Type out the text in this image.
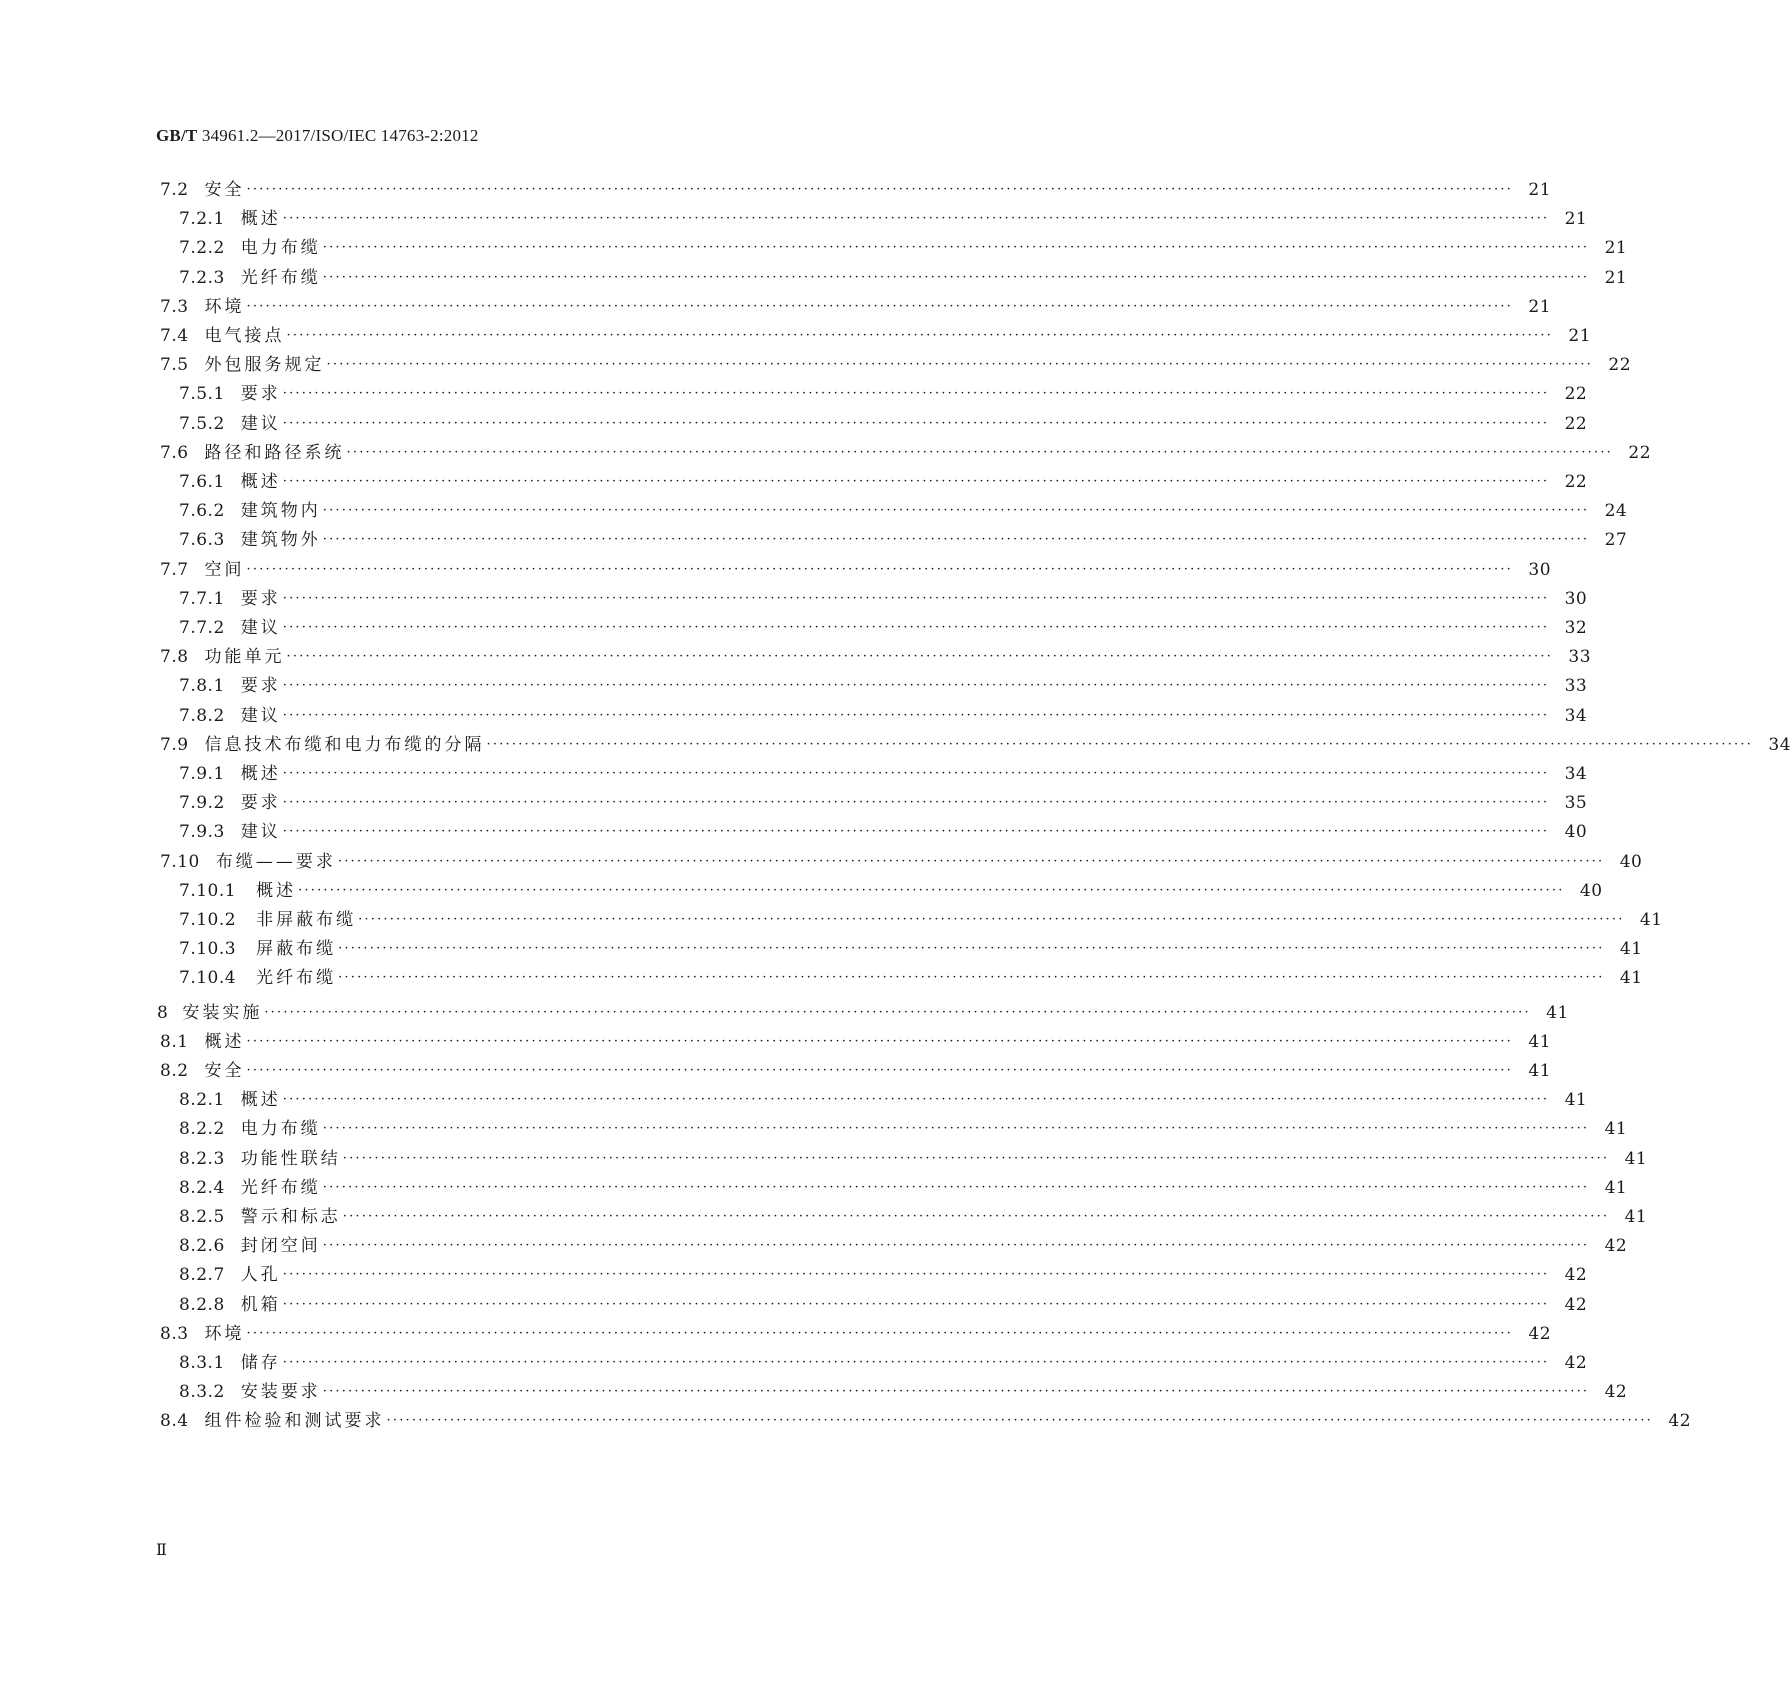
GB/T 34961.2—2017/ISO/IEC 14763-2:2012
7.2 安全 ········································································································································································································ 21
7.2.1 概述 ········································································································································································································ 21
7.2.2 电力布缆 ········································································································································································································ 21
7.2.3 光纤布缆 ········································································································································································································ 21
7.3 环境 ········································································································································································································ 21
7.4 电气接点 ········································································································································································································ 21
7.5 外包服务规定 ········································································································································································································ 22
7.5.1 要求 ········································································································································································································ 22
7.5.2 建议 ········································································································································································································ 22
7.6 路径和路径系统 ········································································································································································································ 22
7.6.1 概述 ········································································································································································································ 22
7.6.2 建筑物内 ········································································································································································································ 24
7.6.3 建筑物外 ········································································································································································································ 27
7.7 空间 ········································································································································································································ 30
7.7.1 要求 ········································································································································································································ 30
7.7.2 建议 ········································································································································································································ 32
7.8 功能单元 ········································································································································································································ 33
7.8.1 要求 ········································································································································································································ 33
7.8.2 建议 ········································································································································································································ 34
7.9 信息技术布缆和电力布缆的分隔 ········································································································································································································ 34
7.9.1 概述 ········································································································································································································ 34
7.9.2 要求 ········································································································································································································ 35
7.9.3 建议 ········································································································································································································ 40
7.10 布缆——要求 ········································································································································································································ 40
7.10.1 概述 ········································································································································································································ 40
7.10.2 非屏蔽布缆 ········································································································································································································ 41
7.10.3 屏蔽布缆 ········································································································································································································ 41
7.10.4 光纤布缆 ········································································································································································································ 41
8 安装实施 ········································································································································································································ 41
8.1 概述 ········································································································································································································ 41
8.2 安全 ········································································································································································································ 41
8.2.1 概述 ········································································································································································································ 41
8.2.2 电力布缆 ········································································································································································································ 41
8.2.3 功能性联结 ········································································································································································································ 41
8.2.4 光纤布缆 ········································································································································································································ 41
8.2.5 警示和标志 ········································································································································································································ 41
8.2.6 封闭空间 ········································································································································································································ 42
8.2.7 人孔 ········································································································································································································ 42
8.2.8 机箱 ········································································································································································································ 42
8.3 环境 ········································································································································································································ 42
8.3.1 储存 ········································································································································································································ 42
8.3.2 安装要求 ········································································································································································································ 42
8.4 组件检验和测试要求 ········································································································································································································ 42
Ⅱ
